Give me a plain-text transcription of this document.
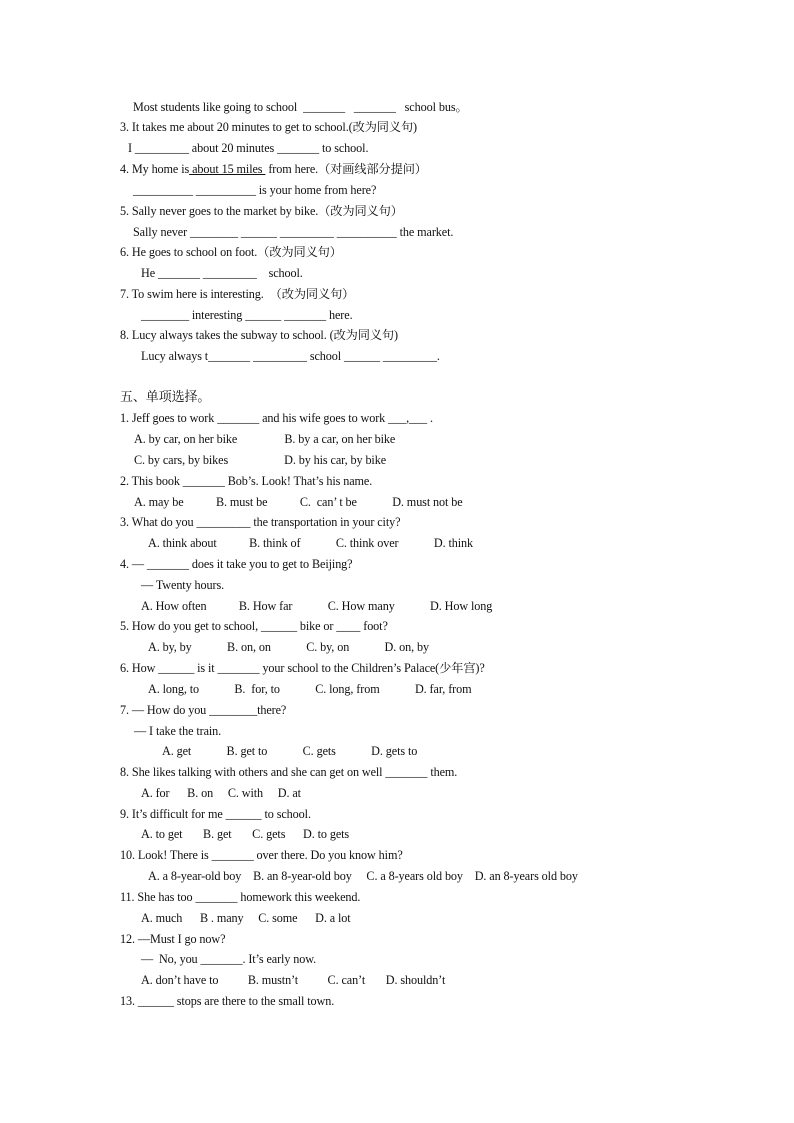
Most students like going to school  _______   _______   school bus。
3. It takes me about 20 minutes to get to school.(改为同义句)
I _________ about 20 minutes _______ to school.
4. My home is about 15 miles  from here.（对画线部分提问）
__________ __________ is your home from here?
5. Sally never goes to the market by bike.（改为同义句）
Sally never ________ ______ _________ __________ the market.
6. He goes to school on foot.（改为同义句）
He _______ _________    school.
7. To swim here is interesting.  （改为同义句）
________ interesting ______ _______ here.
8. Lucy always takes the subway to school. (改为同义句)
Lucy always t_______ _________ school ______ _________.
五、单项选择。
1. Jeff goes to work _______ and his wife goes to work ___,___ .
A. by car, on her bike                B. by a car, on her bike
C. by cars, by bikes                   D. by his car, by bike
2. This book _______ Bob’s. Look! That’s his name.
A. may be           B. must be           C.  can’ t be            D. must not be
3. What do you _________ the transportation in your city?
A. think about           B. think of            C. think over            D. think
4. — _______ does it take you to get to Beijing?
— Twenty hours.
A. How often           B. How far            C. How many            D. How long
5. How do you get to school, ______ bike or ____ foot?
A. by, by            B. on, on            C. by, on            D. on, by
6. How ______ is it _______ your school to the Children’s Palace(少年宫)?
A. long, to            B.  for, to            C. long, from            D. far, from
7. — How do you ________there?
— I take the train.
A. get            B. get to            C. gets            D. gets to
8. She likes talking with others and she can get on well _______ them.
A. for      B. on     C. with     D. at
9. It’s difficult for me ______ to school.
A. to get       B. get       C. gets      D. to gets
10. Look! There is _______ over there. Do you know him?
A. a 8-year-old boy    B. an 8-year-old boy     C. a 8-years old boy    D. an 8-years old boy
11. She has too _______ homework this weekend.
A. much      B . many     C. some      D. a lot
12. —Must I go now?
—  No, you _______. It’s early now.
A. don’t have to          B. mustn’t          C. can’t       D. shouldn’t
13. ______ stops are there to the small town.
